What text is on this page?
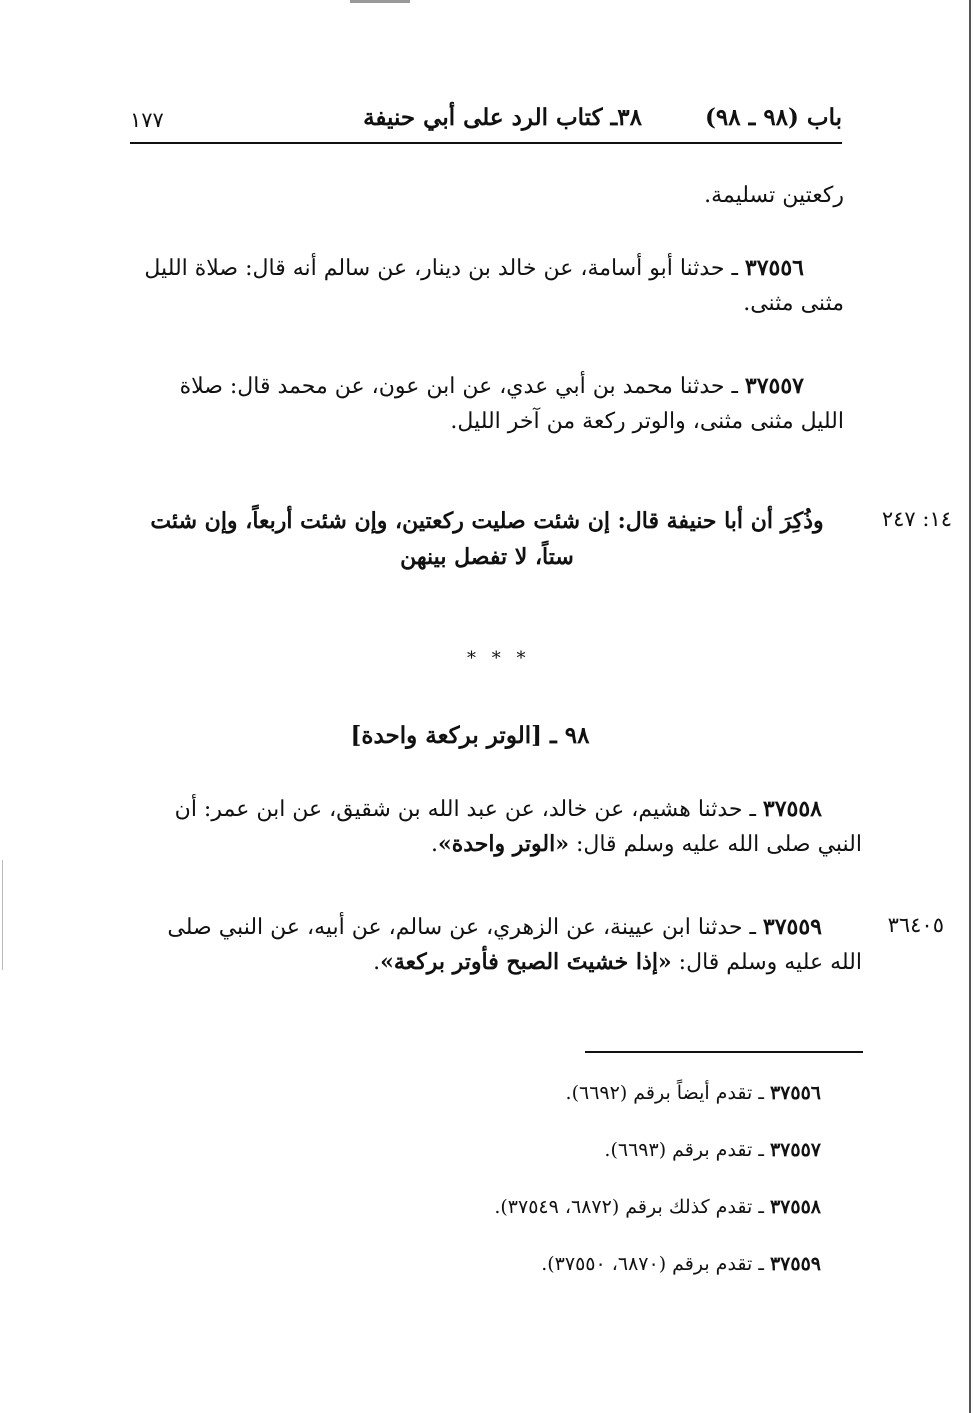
باب (٩٨ ـ ٩٨)
٣٨ـ كتاب الرد على أبي حنيفة
١٧٧
ركعتين تسليمة.
٣٧٥٥٦ ـ حدثنا أبو أسامة، عن خالد بن دينار، عن سالم أنه قال: صلاة الليل مثنى مثنى.
٣٧٥٥٧ ـ حدثنا محمد بن أبي عدي، عن ابن عون، عن محمد قال: صلاة الليل مثنى مثنى، والوتر ركعة من آخر الليل.
١٤: ٢٤٧
وذُكِرَ أن أبا حنيفة قال: إن شئت صليت ركعتين، وإن شئت أربعاً، وإن شئت ستاً، لا تفصل بينهن
* * *
٩٨ ـ [الوتر بركعة واحدة]
٣٧٥٥٨ ـ حدثنا هشيم، عن خالد، عن عبد الله بن شقيق، عن ابن عمر: أن النبي صلى الله عليه وسلم قال: «الوتر واحدة».
٣٦٤٠٥
٣٧٥٥٩ ـ حدثنا ابن عيينة، عن الزهري، عن سالم، عن أبيه، عن النبي صلى الله عليه وسلم قال: «إذا خشيتَ الصبح فأوتر بركعة».
٣٧٥٥٦ ـ تقدم أيضاً برقم (٦٦٩٢).
٣٧٥٥٧ ـ تقدم برقم (٦٦٩٣).
٣٧٥٥٨ ـ تقدم كذلك برقم (٦٨٧٢، ٣٧٥٤٩).
٣٧٥٥٩ ـ تقدم برقم (٦٨٧٠، ٣٧٥٥٠).
